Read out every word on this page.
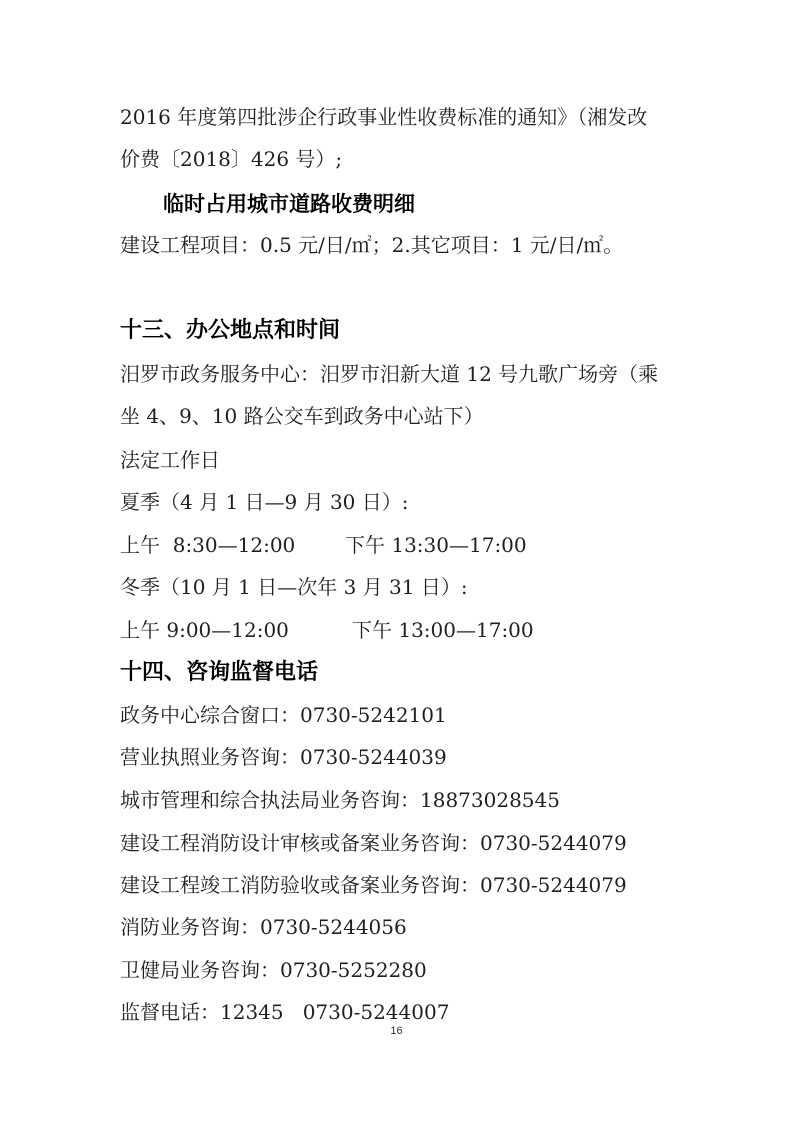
2016 年度第四批涉企行政事业性收费标准的通知》（湘发改
价费〔2018〕426 号）;
临时占用城市道路收费明细
建设工程项目：0.5 元/日/㎡；2.其它项目：1 元/日/㎡。
十三、办公地点和时间
汨罗市政务服务中心：汨罗市汨新大道 12 号九歌广场旁（乘
坐 4、9、10 路公交车到政务中心站下）
法定工作日
夏季（4 月 1 日—9 月 30 日）:
上午  8:30—12:00 下午 13:30—17:00
冬季（10 月 1 日—次年 3 月 31 日）:
上午 9:00—12:00	下午 13:00—17:00
十四、咨询监督电话
政务中心综合窗口：0730-5242101
营业执照业务咨询：0730-5244039
城市管理和综合执法局业务咨询：18873028545
建设工程消防设计审核或备案业务咨询：0730-5244079
建设工程竣工消防验收或备案业务咨询：0730-5244079
消防业务咨询：0730-5244056
卫健局业务咨询：0730-5252280
监督电话：12345   0730-5244007
16
